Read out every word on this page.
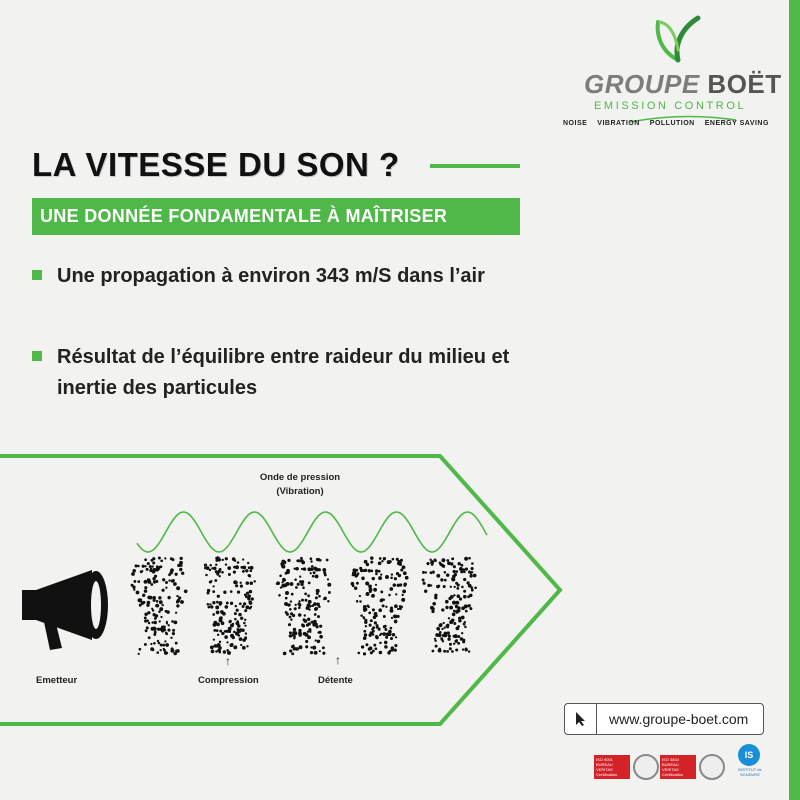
GROUPE BOËT
EMISSION CONTROL
NOISE VIBRATION POLLUTION ENERGY SAVING
LA VITESSE DU SON ?
UNE DONNÉE FONDAMENTALE À MAÎTRISER
Une propagation à environ 343 m/S dans l’air
Résultat de l’équilibre entre raideur du milieu et inertie des particules
Onde de pression
(Vibration)
↑	↑
Emetteur	Compression	Détente
www.groupe-boet.com
ISO 9001 BUREAU VERITAS Certification
ISO 3834 BUREAU VERITAS Certification
IS
INSTITUT de SOUDURE
